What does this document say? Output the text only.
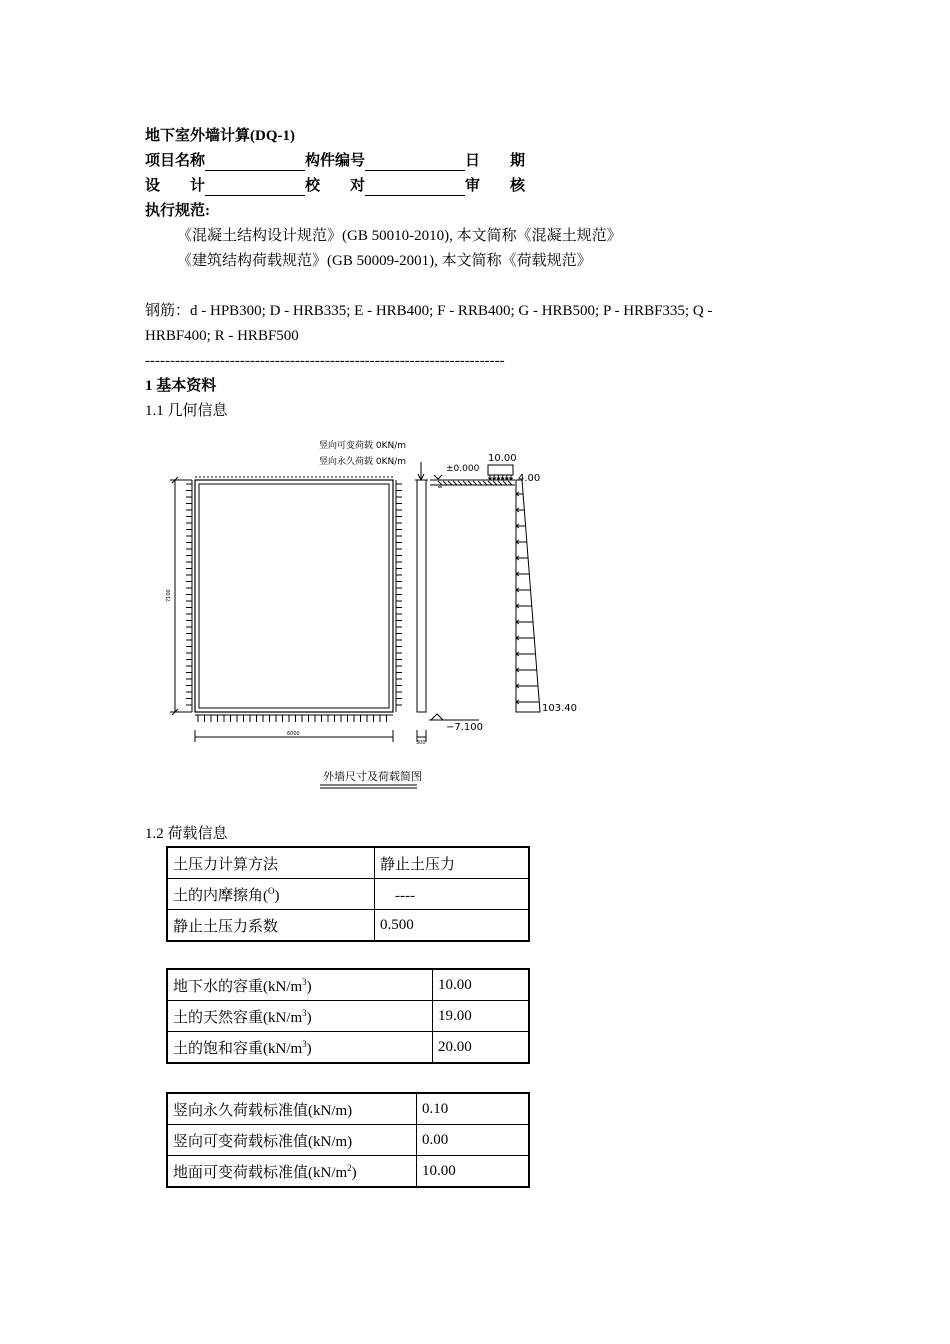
地下室外墙计算(DQ-1)
项目名称	构件编号	日　　期
设　　计	校　　对	审　　核
执行规范:
《混凝土结构设计规范》(GB 50010-2010), 本文简称《混凝土规范》
《建筑结构荷载规范》(GB 50009-2001), 本文简称《荷载规范》
钢筋：d - HPB300; D - HRB335; E - HRB400; F - RRB400; G - HRB500; P - HRBF335; Q -
HRBF400; R - HRBF500
------------------------------------------------------------------------
1 基本资料
1.1 几何信息
竖向可变荷载 0KN/m
竖向永久荷载 0KN/m
±0.000
10.00
4.00
103.40
−7.100
7100
6000
300
外墙尺寸及荷载简图
1.2 荷载信息
土压力计算方法	静止土压力
土的内摩擦角($^O$)	　----
静止土压力系数	0.500
地下水的容重$(kN/m^3)$	10.00
土的天然容重$(kN/m^3)$	19.00
土的饱和容重$(kN/m^3)$	20.00
竖向永久荷载标准值(kN/m)	0.10
竖向可变荷载标准值(kN/m)	0.00
地面可变荷载标准值$(kN/m^2)$	10.00
